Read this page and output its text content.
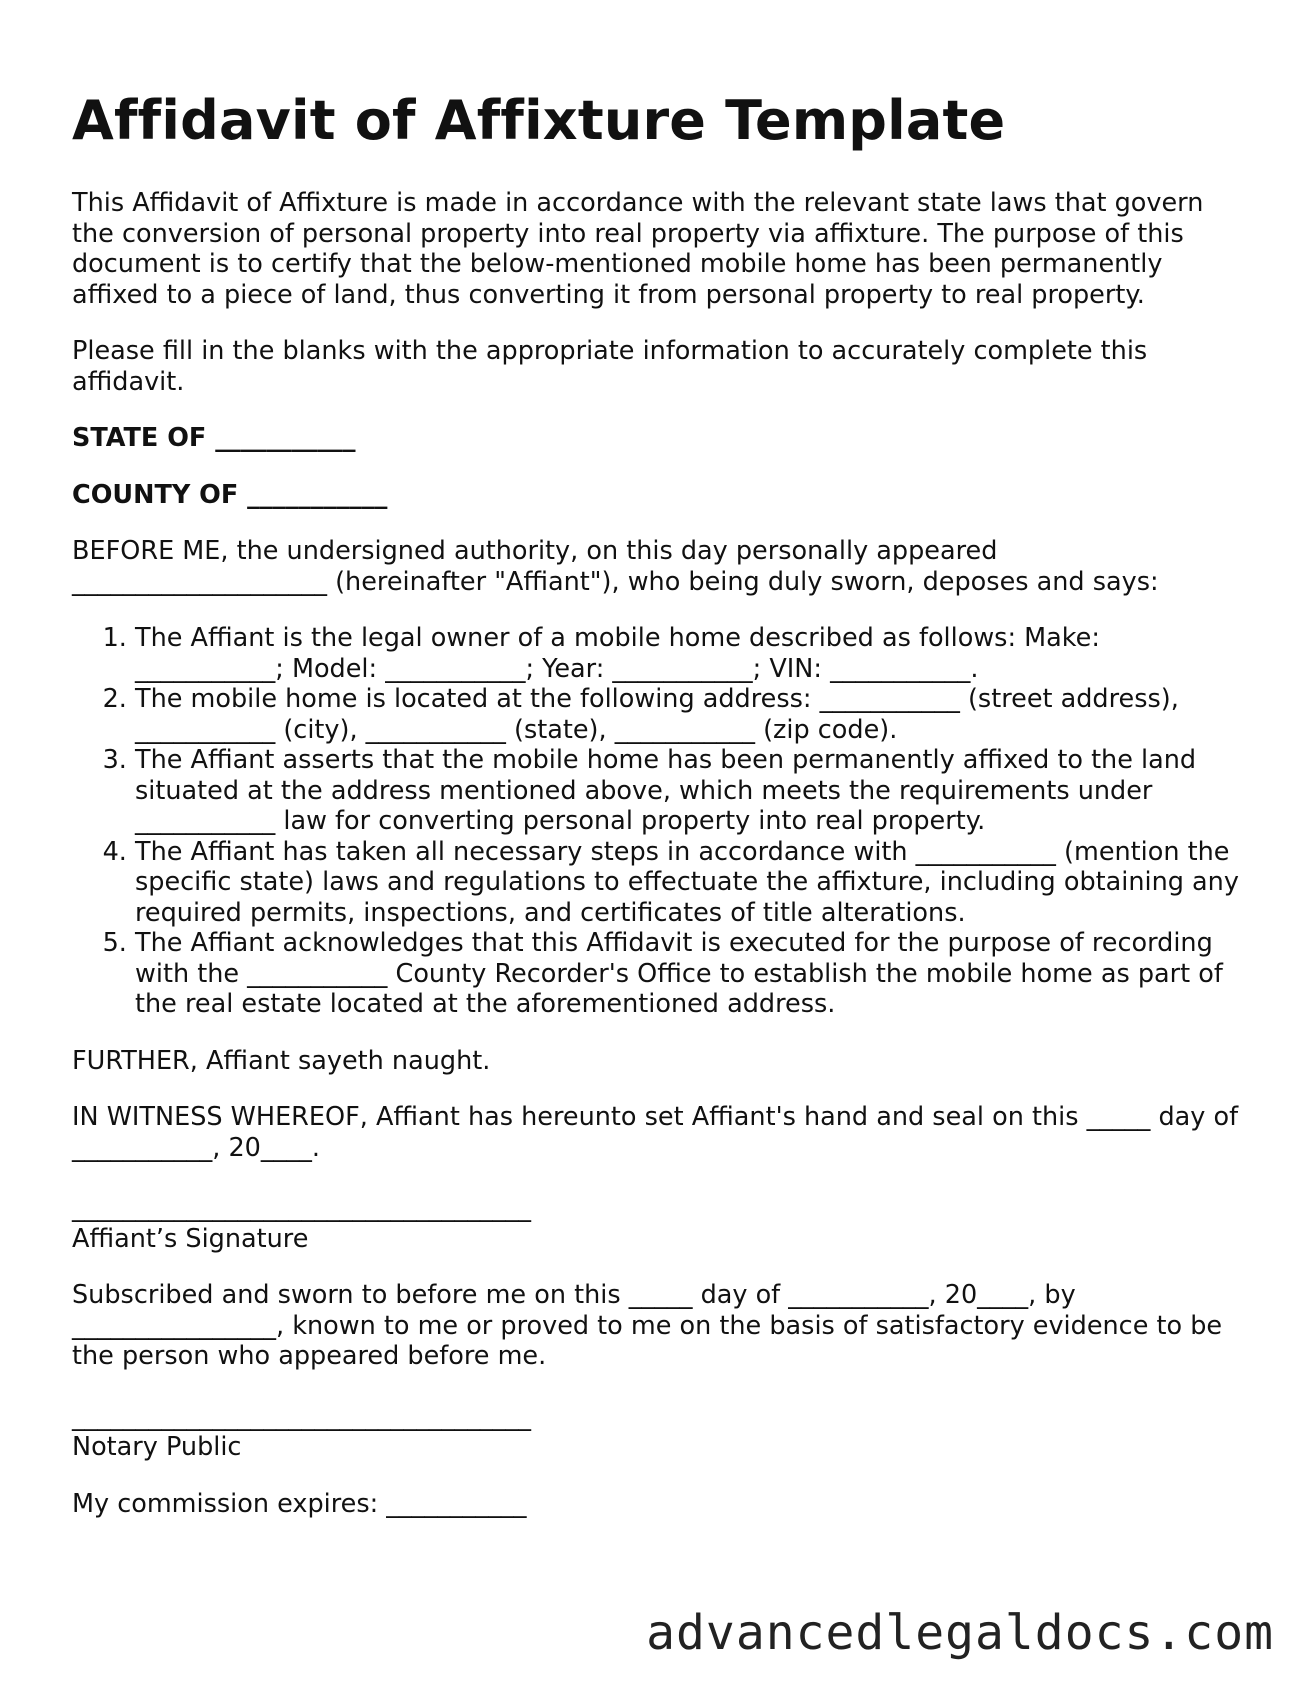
Affidavit of Affixture Template

This Affidavit of Affixture is made in accordance with the relevant state laws that govern the conversion of personal property into real property via affixture. The purpose of this document is to certify that the below-mentioned mobile home has been permanently affixed to a piece of land, thus converting it from personal property to real property.

Please fill in the blanks with the appropriate information to accurately complete this affidavit.

STATE OF ___________

COUNTY OF ___________

BEFORE ME, the undersigned authority, on this day personally appeared ____________________ (hereinafter "Affiant"), who being duly sworn, deposes and says:

1. The Affiant is the legal owner of a mobile home described as follows: Make: ___________; Model: ___________; Year: ___________; VIN: ___________.
2. The mobile home is located at the following address: ___________ (street address), ___________ (city), ___________ (state), ___________ (zip code).
3. The Affiant asserts that the mobile home has been permanently affixed to the land situated at the address mentioned above, which meets the requirements under ___________ law for converting personal property into real property.
4. The Affiant has taken all necessary steps in accordance with ___________ (mention the specific state) laws and regulations to effectuate the affixture, including obtaining any required permits, inspections, and certificates of title alterations.
5. The Affiant acknowledges that this Affidavit is executed for the purpose of recording with the ___________ County Recorder's Office to establish the mobile home as part of the real estate located at the aforementioned address.

FURTHER, Affiant sayeth naught.

IN WITNESS WHEREOF, Affiant has hereunto set Affiant's hand and seal on this _____ day of ___________, 20____.

____________________________________
Affiant’s Signature

Subscribed and sworn to before me on this _____ day of ___________, 20____, by ________________, known to me or proved to me on the basis of satisfactory evidence to be the person who appeared before me.

____________________________________
Notary Public

My commission expires: ___________

advancedlegaldocs.com
